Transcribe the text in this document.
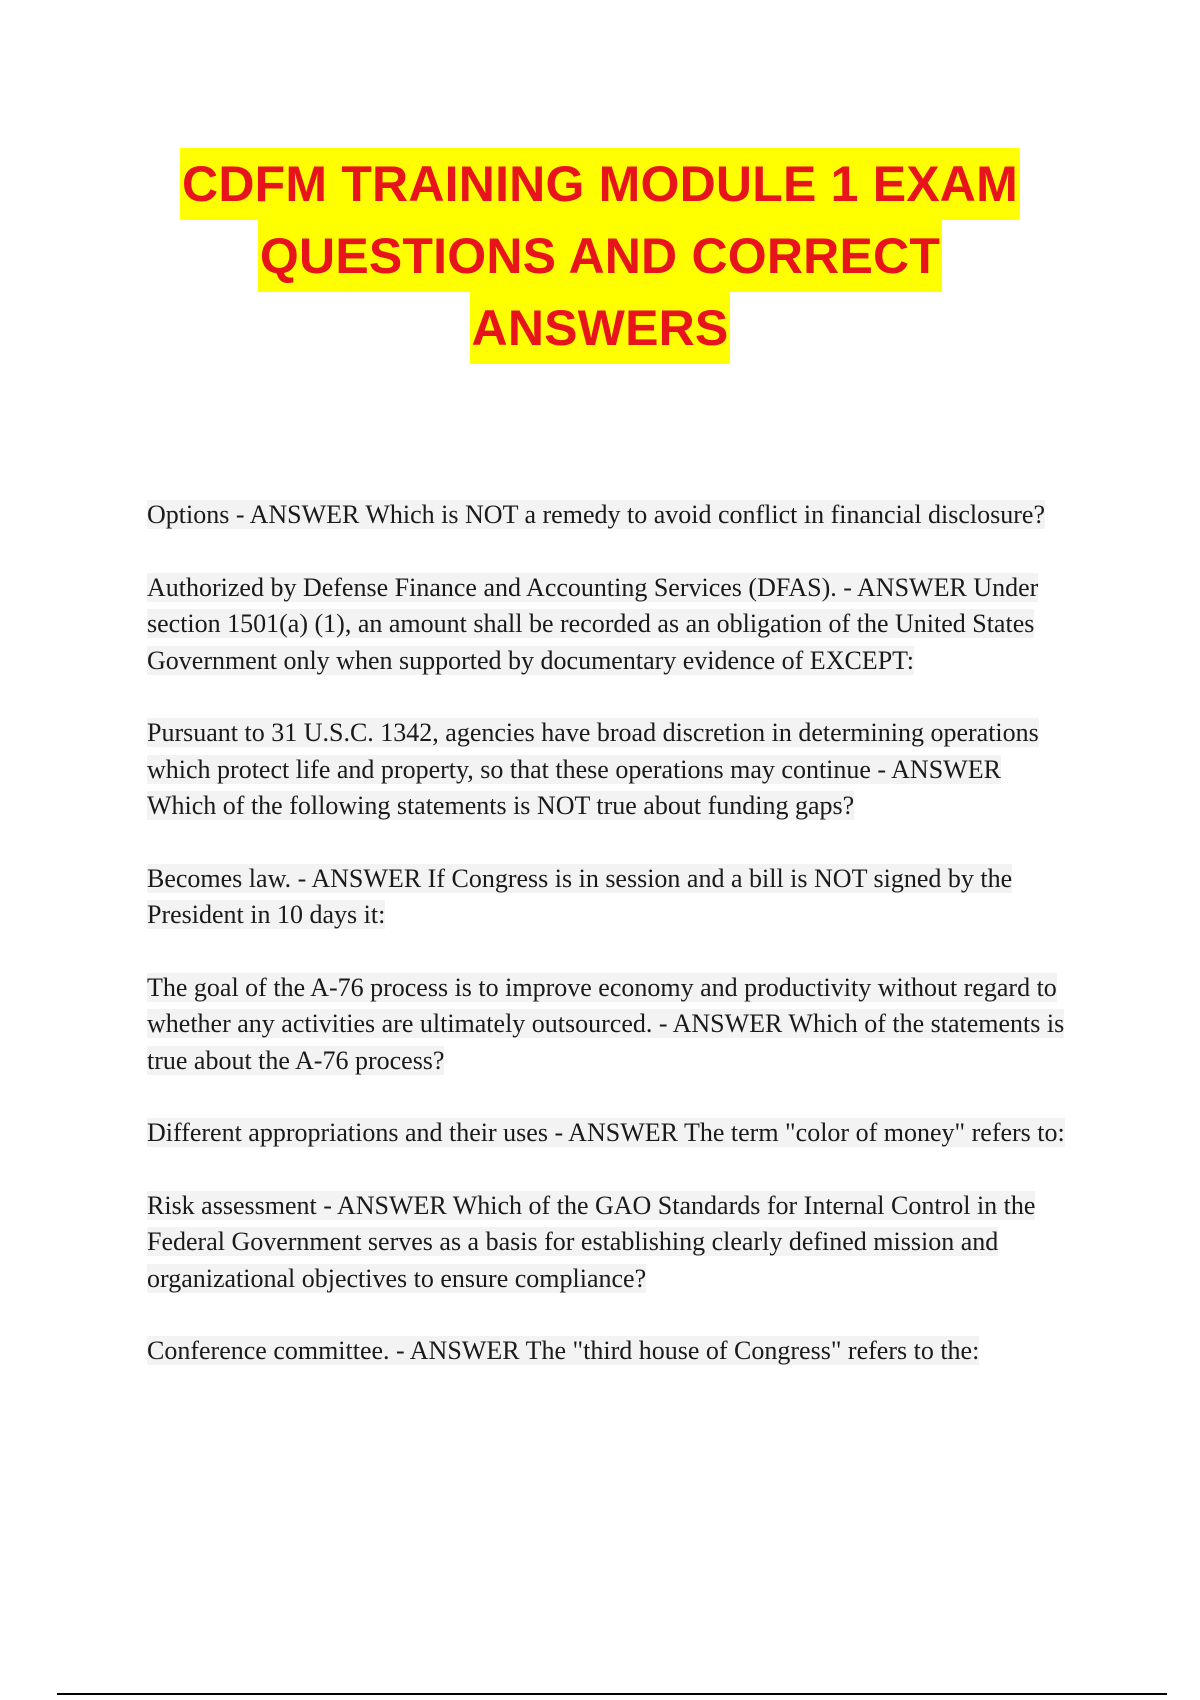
CDFM TRAINING MODULE 1 EXAM
QUESTIONS AND CORRECT
ANSWERS

Options - ANSWER Which is NOT a remedy to avoid conflict in financial disclosure?

Authorized by Defense Finance and Accounting Services (DFAS). - ANSWER Under section 1501(a) (1), an amount shall be recorded as an obligation of the United States Government only when supported by documentary evidence of EXCEPT:

Pursuant to 31 U.S.C. 1342, agencies have broad discretion in determining operations which protect life and property, so that these operations may continue - ANSWER Which of the following statements is NOT true about funding gaps?

Becomes law. - ANSWER If Congress is in session and a bill is NOT signed by the President in 10 days it:

The goal of the A-76 process is to improve economy and productivity without regard to whether any activities are ultimately outsourced. - ANSWER Which of the statements is true about the A-76 process?

Different appropriations and their uses - ANSWER The term "color of money" refers to:

Risk assessment - ANSWER Which of the GAO Standards for Internal Control in the Federal Government serves as a basis for establishing clearly defined mission and organizational objectives to ensure compliance?

Conference committee. - ANSWER The "third house of Congress" refers to the:
